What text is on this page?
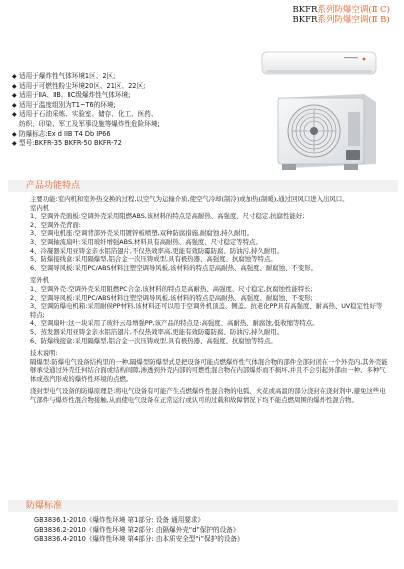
BKFR系列防爆空调(Ⅱ C)
BKFR系列防爆空调(Ⅱ B)
◆ 适用于爆炸性气体环境1区、2区;
◆ 适用于可燃性粉尘环境20区、21区、22区;
◆ 适用于ⅡA、ⅡB、ⅡC级爆炸性气体环境;
◆ 适用于温度组别为T1~T6的环境;
◆ 适用于石油采炼、实验室、储存、化工、医药、
纺织、印染、军工及军事设施等爆炸性危险环境;
◆ 防爆标志:Ex d IIB T4 Db IP66
◆ 型号:BKFR-35 BKFR-50 BKFR-72
产品功能特点

主要功能:室内机和室外热交换的过程,以空气为运输介质,使空气冷却(制冷)或加热(制暖),通过回风口进入出风口。

室内机

1、空调外壳面板:空调外壳采用阻燃ABS,该材料的特点是高耐热、高强度、尺寸稳定,抗腐性能好;

2、空调外壳背面:

3、空调电机座:空调背部外壳采用镀锌板喷塑,双种防腐措施,耐腐蚀,持久耐用。

3、空调轴流扇叶:采用玻纤增强ABS,材料具有高耐热、高强度、尺寸稳定等特点。

4、冷凝器采用亚铸金亲水铝箔翅片,不仅热效率高,更能有效防霉防腐、防油污,持久耐用。

5、防爆接线盒:采用隔爆型,铝合金一次压铸成型,具有极热器、高强度、抗腐蚀等特点。

6、空调导风板:采用PC/ABS材料注塑空调导风板,该材料的特点是高耐热、高强度、耐腐蚀、不变形。

室外机

1、空调外壳:空调外壳采用阻燃PC合金,该材料的特点是高耐热、高强度、尺寸稳定,抗腐蚀性能特长;

2、空调导风板:采用PC/ABS材料注塑空调导风板,该材料的特点是高耐热、高强度、耐腐蚀、不变形;

3、空调防爆电机箱:采用耐侯PP材料,该材料还可以用于空调外机顶盖、侧盖。抗老化PP具有高强度、耐高热、UV稳定性好等特点;

4、空调扇叶:这一块采用了玻纤云母增强PP,该产品的特点是:高强度、高耐热、耐腐蚀,低收缩等特点。

5、蒸发器采用亚铸金亲水铝箔翅片,不仅热效率高,更能有效防霉防腐、防油污,持久耐用。

6、防爆线接盒:采用隔爆型,铝合金一次压铸成型,具有极热器、高强度、抗腐蚀等特点。

技术说明:

隔爆型:防爆电气设备结构里的一种,隔爆型防爆型式是把设备可能点燃爆炸性气体混合物的部件全部封闭在一个外壳内,其外壳能够承受通过外壳任何结合面或结构间隙,渗透到外壳内部的可燃性混合物在内部爆炸而不损坏,并且不会引起外部由一种、多种气体或蒸汽形成的爆炸性环境的点燃。

浇封型电气设备的防爆原理是:将电气设备有可能产生点燃爆炸性混合物的电弧、火花或高温的部分浇封在浇封剂中,避免这些电气部件与爆炸性混合物接触,从而使电气设备在正常运行或认可的过载和故障情况下均不能点燃周围的爆炸性混合物。

防爆标准
GB3836.1-2010《爆炸性环境 第1部分: 设备 通用要求》
GB3836.2-2010《爆炸性环境 第2部分: 由隔爆外壳“d”保护的设备》
GB3836.4-2010《爆炸性环境 第4部分: 由本质安全型“i”保护的设备》
